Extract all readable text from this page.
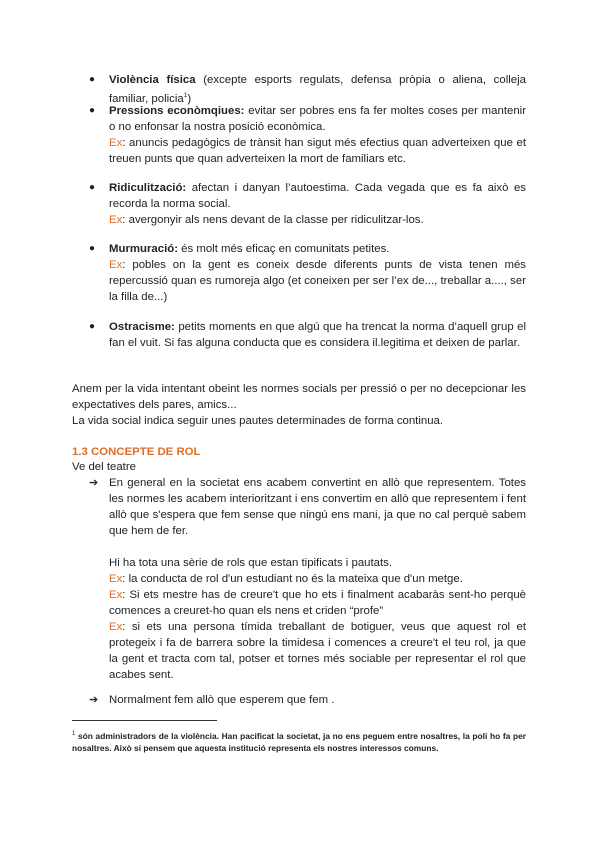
● Violència física (excepte esports regulats, defensa pròpia o aliena, colleja familiar, policia$^1$)
● Pressions econòmqiues: evitar ser pobres ens fa fer moltes coses per mantenir o no enfonsar la nostra posició econòmica.
Ex: anuncis pedagògics de trànsit han sigut més efectius quan adverteixen que et treuen punts que quan adverteixen la mort de familiars etc.
● Ridiculització: afectan i danyan l’autoestima. Cada vegada que es fa això es recorda la norma social.
Ex: avergonyir als nens devant de la classe per ridiculitzar-los.
● Murmuració: és molt més eficaç en comunitats petites.
Ex: pobles on la gent es coneix desde diferents punts de vista tenen més repercussió quan es rumoreja algo (et coneixen per ser l’ex de..., treballar a...., ser la filla de...)
● Ostracisme: petits moments en que algú que ha trencat la norma d’aquell grup el fan el vuit. Si fas alguna conducta que es considera il.legitima et deixen de parlar.
Anem per la vida intentant obeint les normes socials per pressió o per no decepcionar les expectatives dels pares, amics...
La vida social indica seguir unes pautes determinades de forma continua.
1.3 CONCEPTE DE ROL
Ve del teatre
➔ En general en la societat ens acabem convertint en allò que representem. Totes les normes les acabem interioritzant i ens convertim en allò que representem i fent allò que s'espera que fem sense que ningú ens mani, ja que no cal perquè sabem que hem de fer.
Hi ha tota una sèrie de rols que estan tipificats i pautats.
Ex: la conducta de rol d'un estudiant no és la mateixa que d'un metge.
Ex: Si ets mestre has de creure't que ho ets i finalment acabaràs sent-ho perquè comences a creuret-ho quan els nens et criden “profe”
Ex: si ets una persona tímida treballant de botiguer, veus que aquest rol et protegeix i fa de barrera sobre la timidesa i comences a creure't el teu rol, ja que la gent et tracta com tal, potser et tornes més sociable per representar el rol que acabes sent.
➔ Normalment fem allò que esperem que fem .
$^1$ són administradors de la violència. Han pacificat la societat, ja no ens peguem entre nosaltres, la poli ho fa per nosaltres. Això si pensem que aquesta institució representa els nostres interessos comuns.
